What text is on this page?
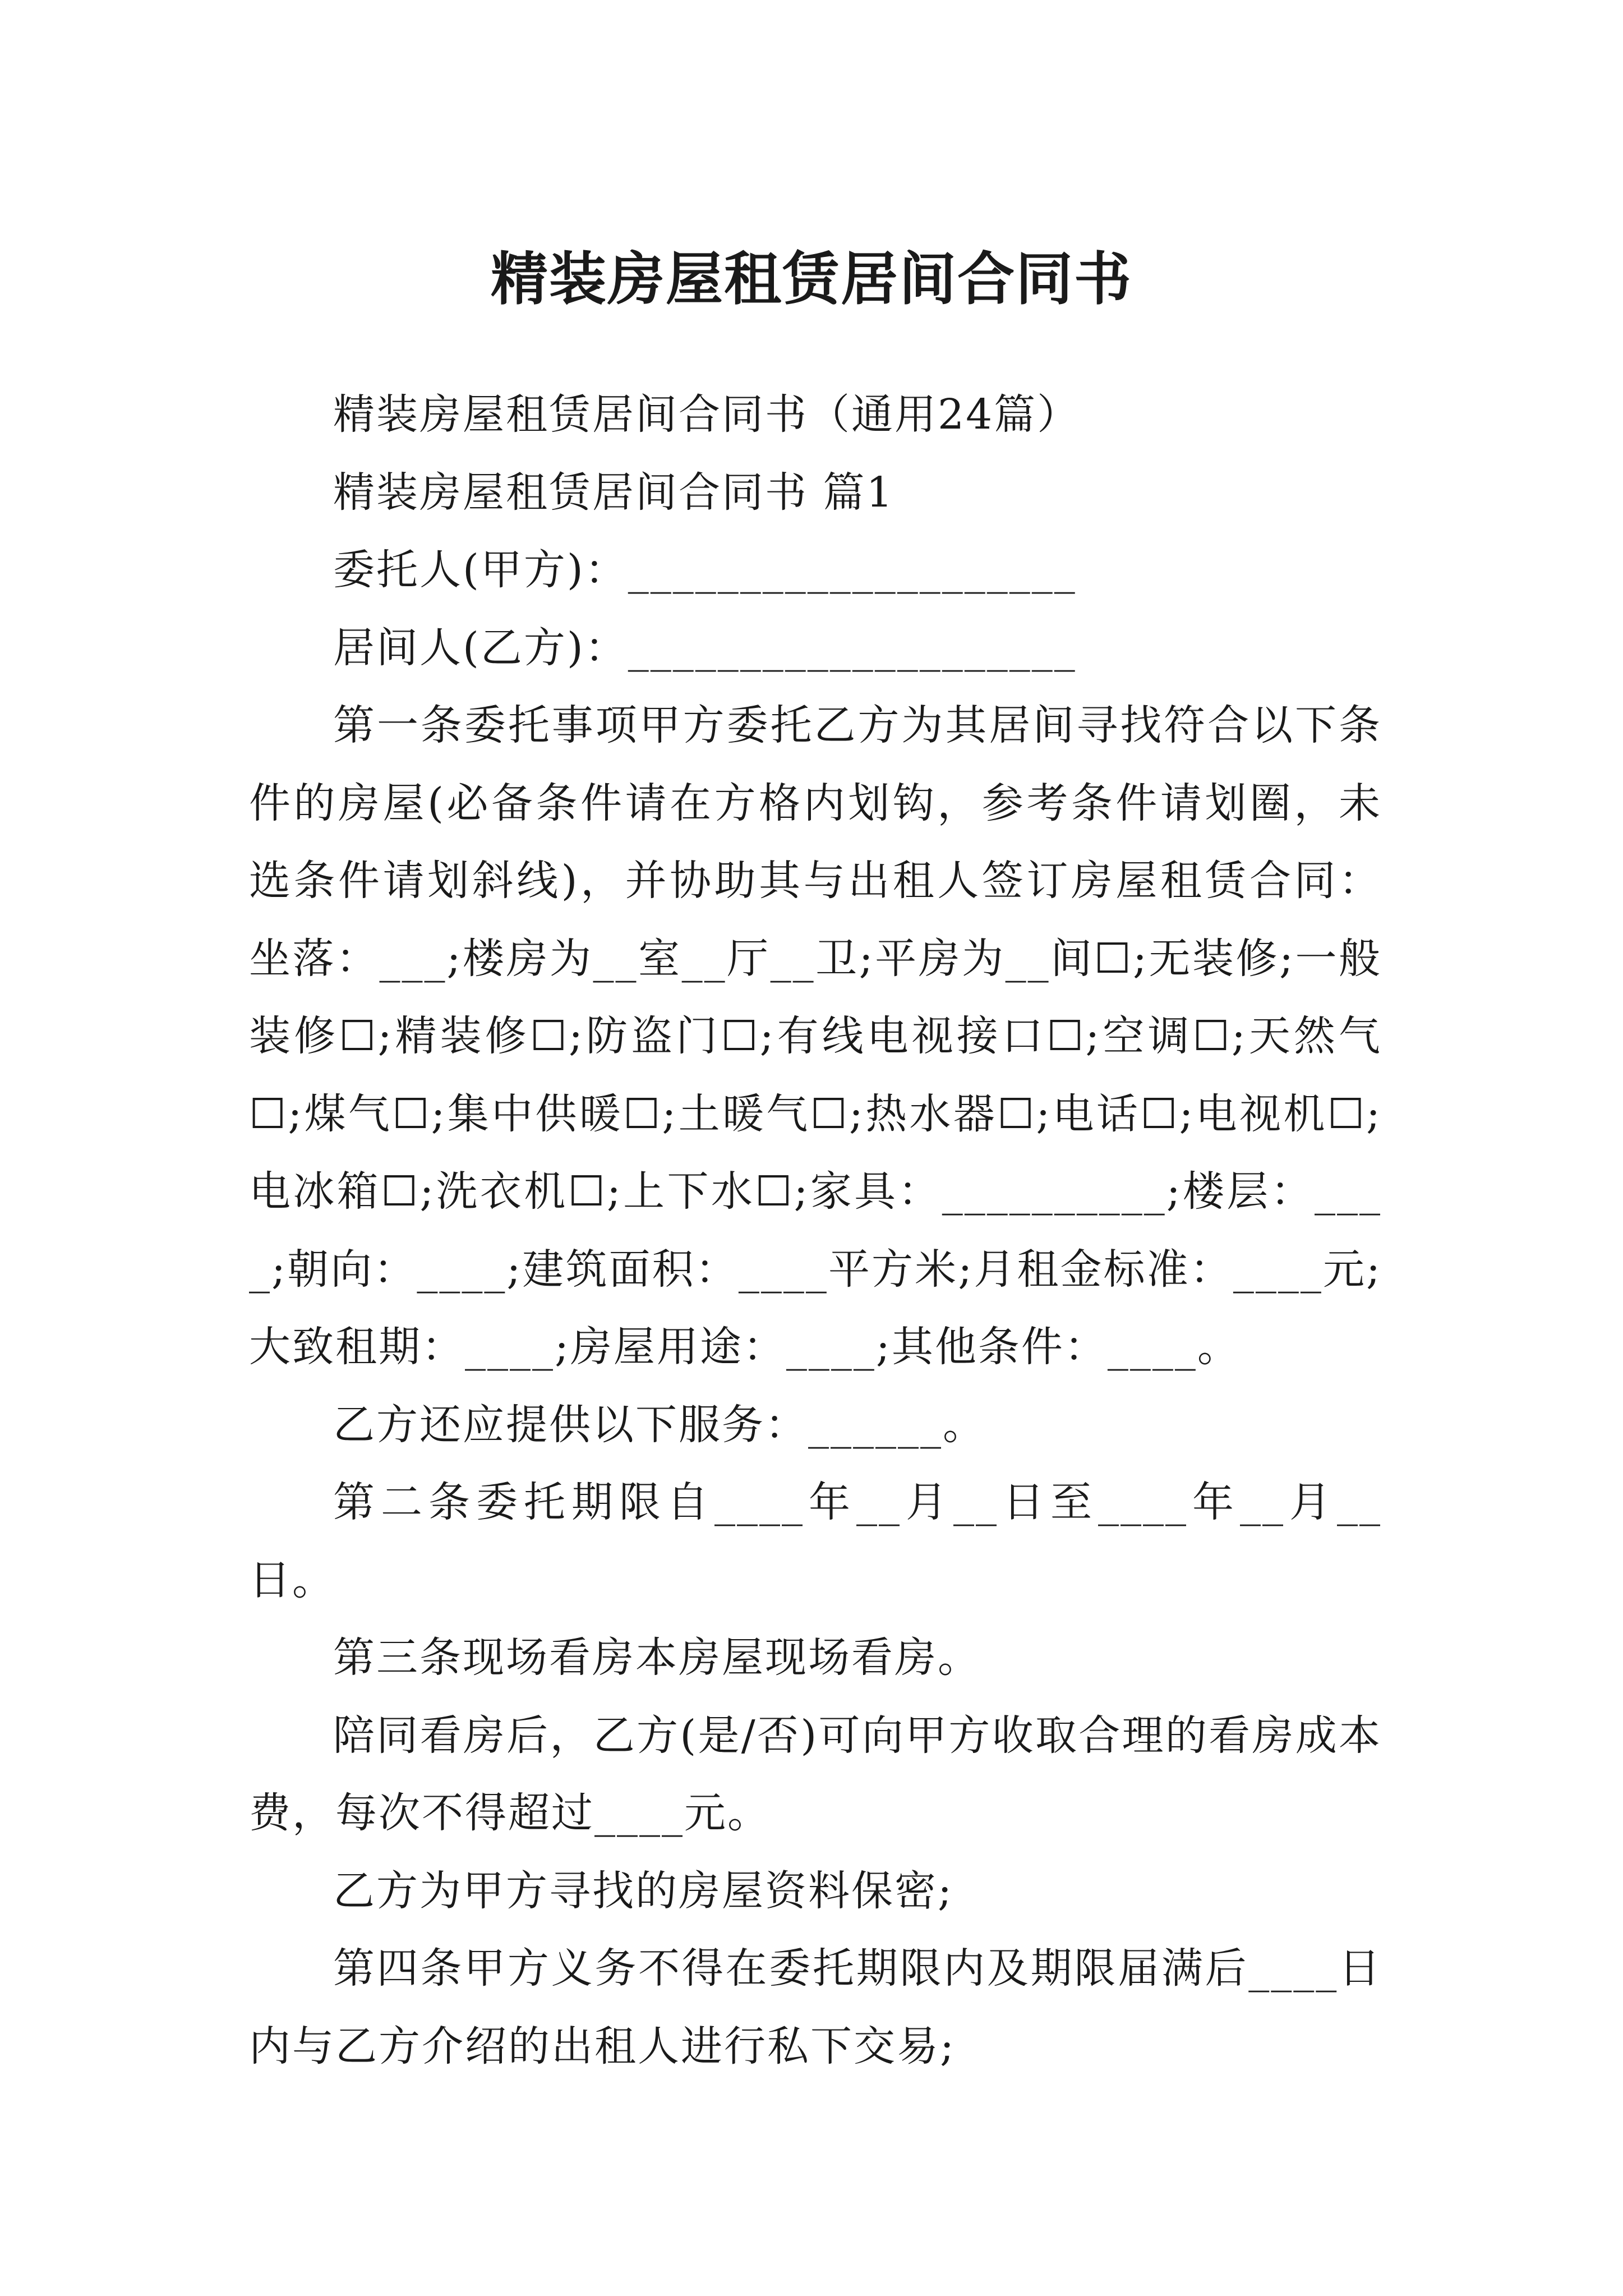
精装房屋租赁居间合同书

精装房屋租赁居间合同书（通用24篇）

精装房屋租赁居间合同书 篇1

委托人(甲方)：____________________

居间人(乙方)：____________________

第一条委托事项甲方委托乙方为其居间寻找符合以下条件的房屋(必备条件请在方格内划钩，参考条件请划圈，未选条件请划斜线)，并协助其与出租人签订房屋租赁合同：坐落：___;楼房为__室__厅__卫;平房为__间☐;无装修;一般装修☐;精装修☐;防盗门☐;有线电视接口☐;空调☐;天然气☐;煤气☐;集中供暖☐;土暖气☐;热水器☐;电话☐;电视机☐;电冰箱☐;洗衣机☐;上下水☐;家具：__________;楼层：____;朝向：____;建筑面积：____平方米;月租金标准：____元;大致租期：____;房屋用途：____;其他条件：____。

乙方还应提供以下服务：______。

第二条委托期限自____年__月__日至____年__月__日。

第三条现场看房本房屋现场看房。

陪同看房后，乙方(是/否)可向甲方收取合理的看房成本费，每次不得超过____元。

乙方为甲方寻找的房屋资料保密;

第四条甲方义务不得在委托期限内及期限届满后____日内与乙方介绍的出租人进行私下交易;
